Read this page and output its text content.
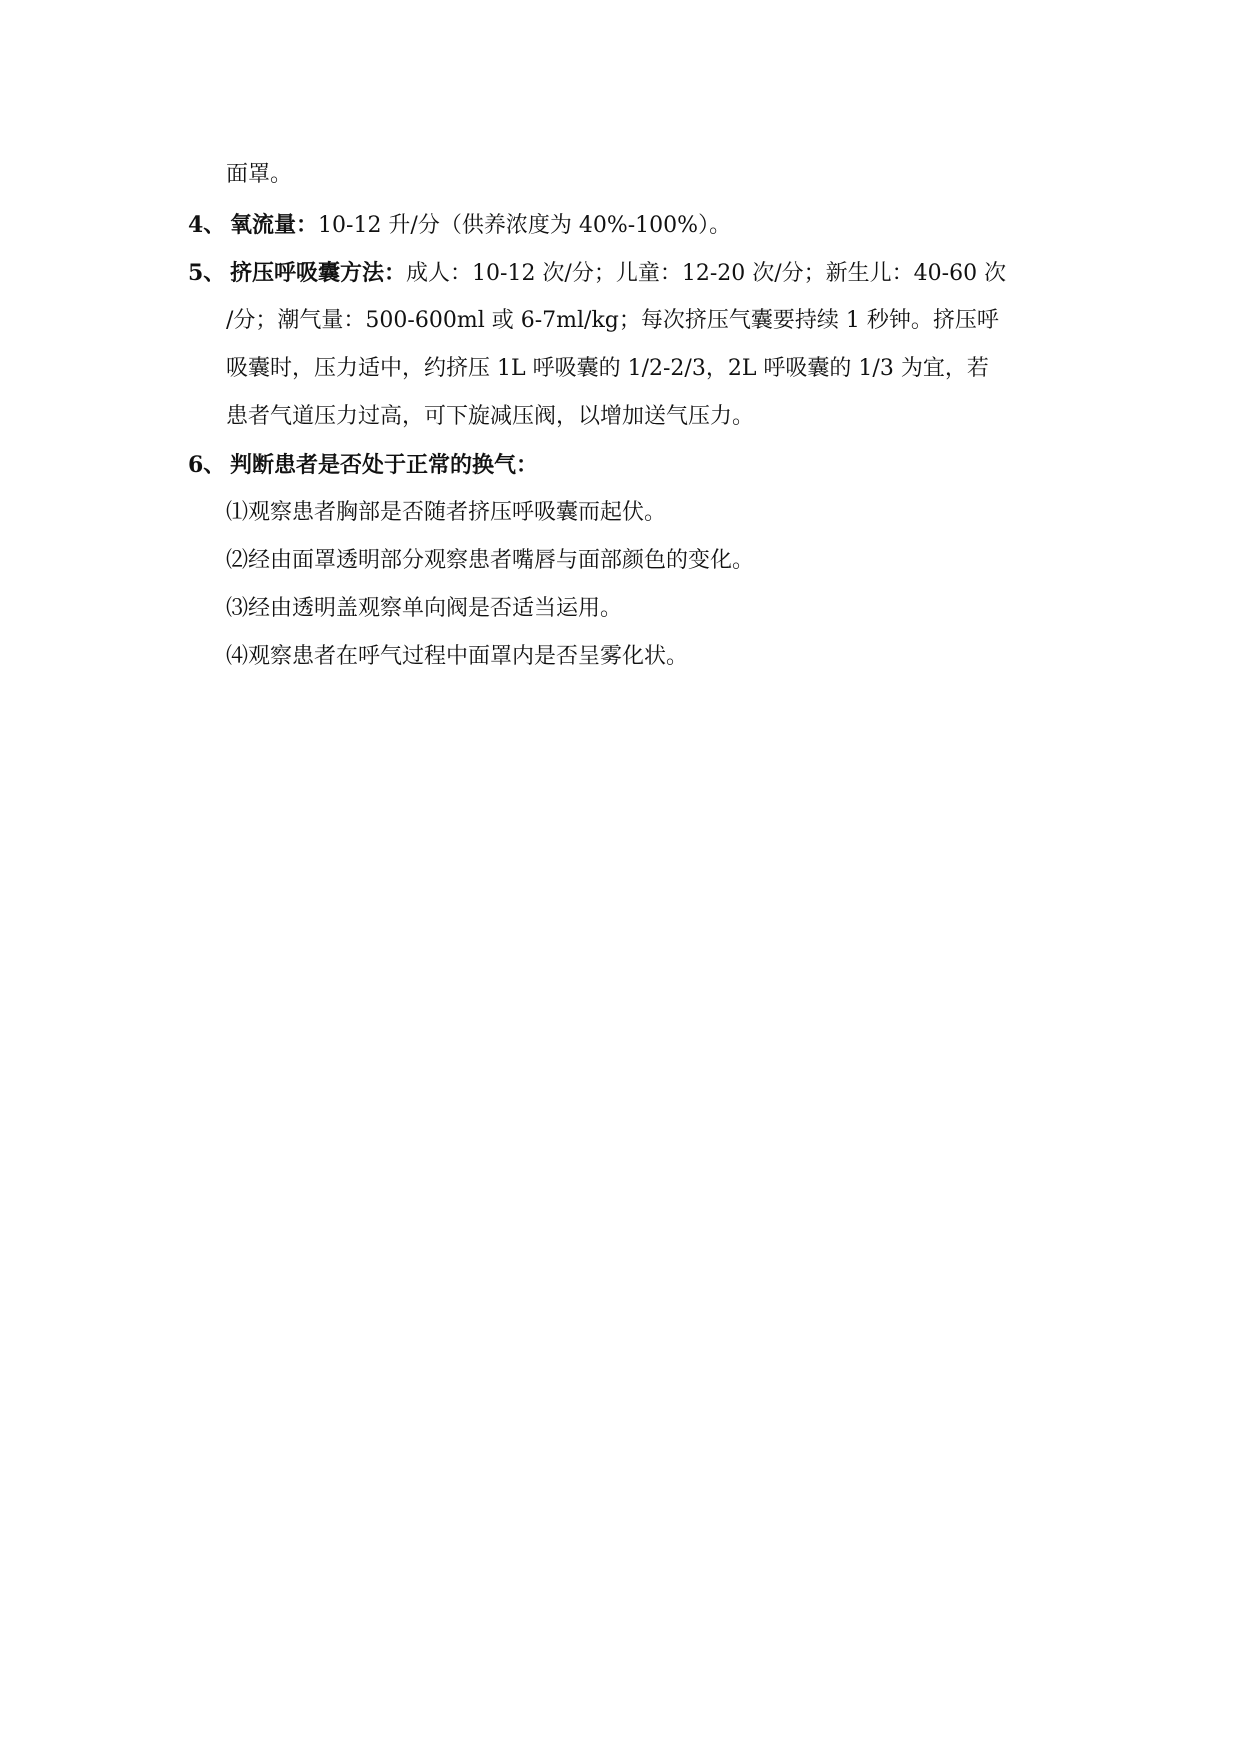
面罩。
4、 氧流量：10-12 升/分（供养浓度为 40%-100%）。
5、 挤压呼吸囊方法：成人：10-12 次/分；儿童：12-20 次/分；新生儿：40-60 次
/分；潮气量：500-600ml 或 6-7ml/kg；每次挤压气囊要持续 1 秒钟。挤压呼
吸囊时，压力适中，约挤压 1L 呼吸囊的 1/2-2/3，2L 呼吸囊的 1/3 为宜，若
患者气道压力过高，可下旋减压阀，以增加送气压力。
6、 判断患者是否处于正常的换气：
⑴观察患者胸部是否随者挤压呼吸囊而起伏。
⑵经由面罩透明部分观察患者嘴唇与面部颜色的变化。
⑶经由透明盖观察单向阀是否适当运用。
⑷观察患者在呼气过程中面罩内是否呈雾化状。
